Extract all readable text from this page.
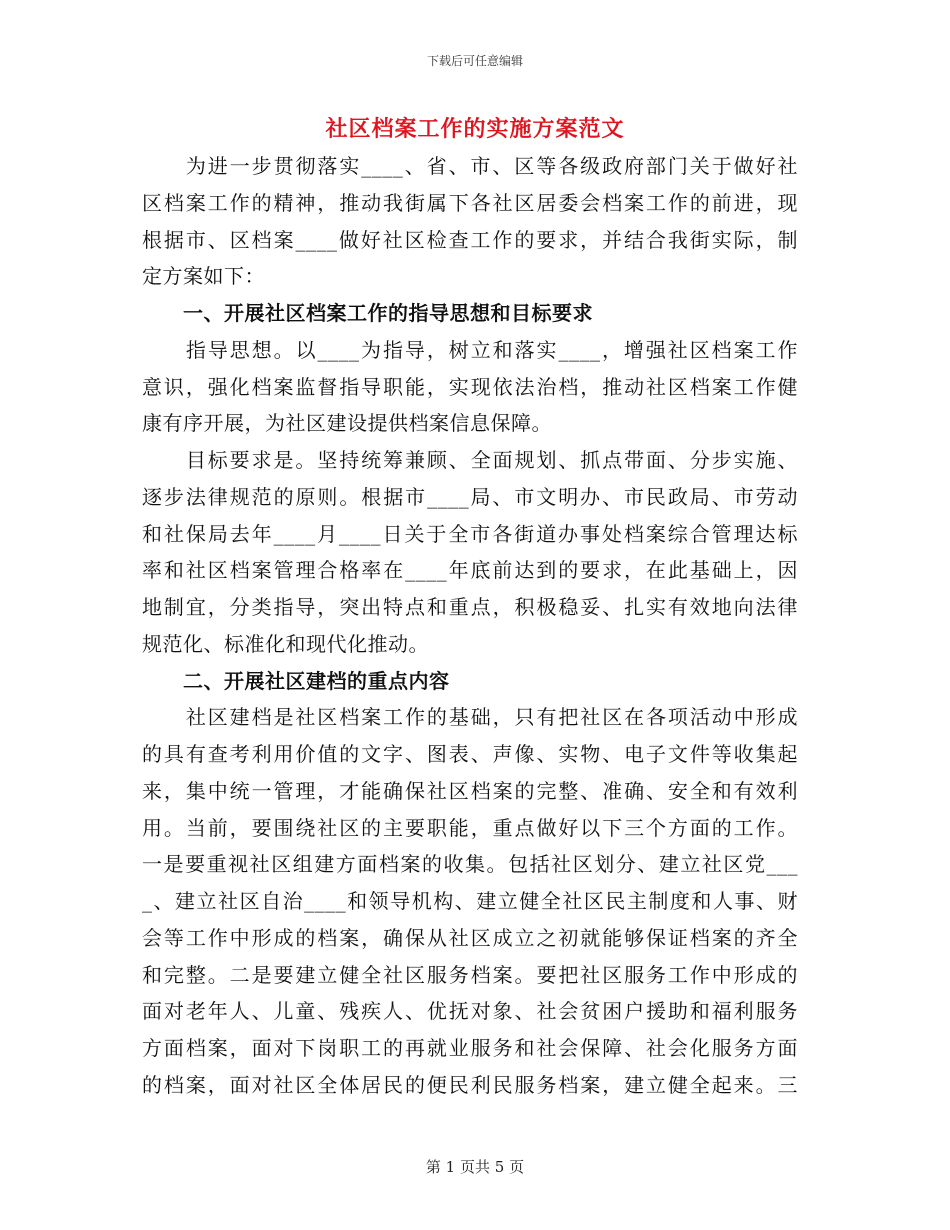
下载后可任意编辑
社区档案工作的实施方案范文
　　为进一步贯彻落实____、省、市、区等各级政府部门关于做好社
区档案工作的精神，推动我街属下各社区居委会档案工作的前进，现
根据市、区档案____做好社区检查工作的要求，并结合我街实际，制
定方案如下：
　　一、开展社区档案工作的指导思想和目标要求
　　指导思想。以____为指导，树立和落实____，增强社区档案工作
意识，强化档案监督指导职能，实现依法治档，推动社区档案工作健
康有序开展，为社区建设提供档案信息保障。
　　目标要求是。坚持统筹兼顾、全面规划、抓点带面、分步实施、
逐步法律规范的原则。根据市____局、市文明办、市民政局、市劳动
和社保局去年____月____日关于全市各街道办事处档案综合管理达标
率和社区档案管理合格率在____年底前达到的要求，在此基础上，因
地制宜，分类指导，突出特点和重点，积极稳妥、扎实有效地向法律
规范化、标准化和现代化推动。
　　二、开展社区建档的重点内容
　　社区建档是社区档案工作的基础，只有把社区在各项活动中形成
的具有查考利用价值的文字、图表、声像、实物、电子文件等收集起
来，集中统一管理，才能确保社区档案的完整、准确、安全和有效利
用。当前，要围绕社区的主要职能，重点做好以下三个方面的工作。
一是要重视社区组建方面档案的收集。包括社区划分、建立社区党___
_、建立社区自治____和领导机构、建立健全社区民主制度和人事、财
会等工作中形成的档案，确保从社区成立之初就能够保证档案的齐全
和完整。二是要建立健全社区服务档案。要把社区服务工作中形成的
面对老年人、儿童、残疾人、优抚对象、社会贫困户援助和福利服务
方面档案，面对下岗职工的再就业服务和社会保障、社会化服务方面
的档案，面对社区全体居民的便民利民服务档案，建立健全起来。三
第 1 页共 5 页
